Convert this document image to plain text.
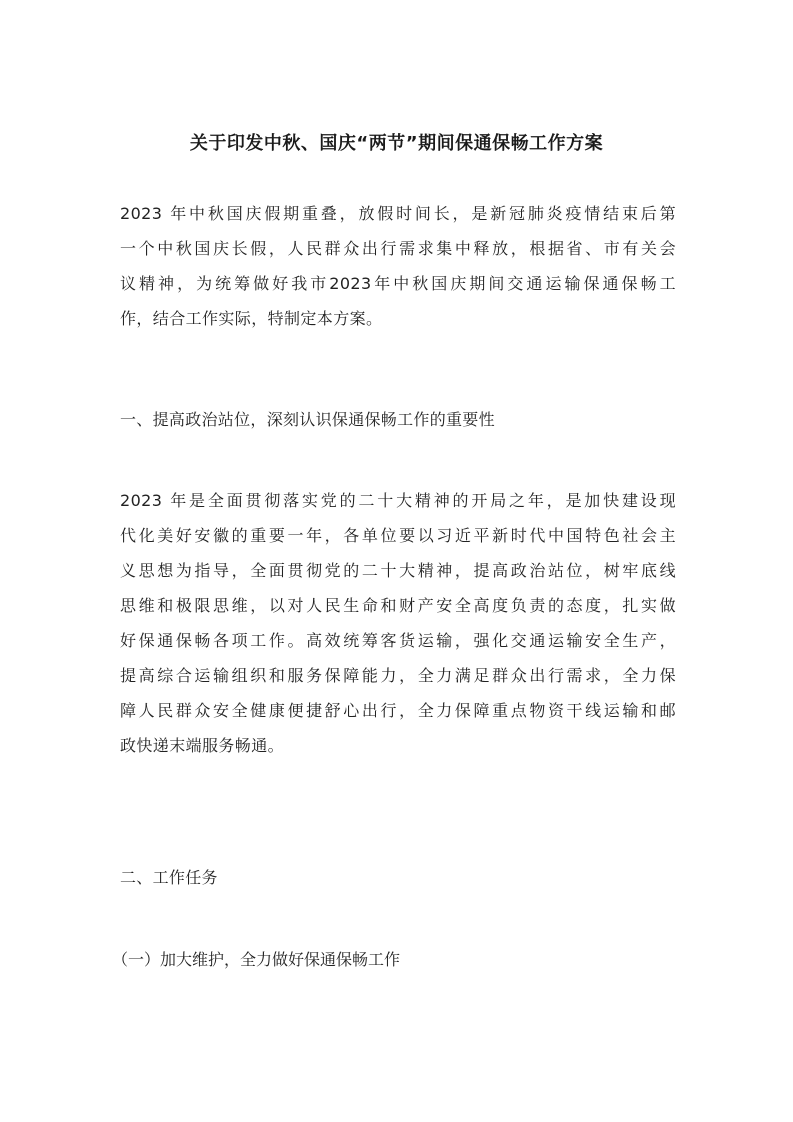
关于印发中秋、国庆“两节”期间保通保畅工作方案
2023 年中秋国庆假期重叠，放假时间长，是新冠肺炎疫情结束后第
一个中秋国庆长假，人民群众出行需求集中释放，根据省、市有关会
议精神，为统筹做好我市2023年中秋国庆期间交通运输保通保畅工
作，结合工作实际，特制定本方案。
一、提高政治站位，深刻认识保通保畅工作的重要性
2023 年是全面贯彻落实党的二十大精神的开局之年，是加快建设现
代化美好安徽的重要一年，各单位要以习近平新时代中国特色社会主
义思想为指导，全面贯彻党的二十大精神，提高政治站位，树牢底线
思维和极限思维，以对人民生命和财产安全高度负责的态度，扎实做
好保通保畅各项工作。高效统筹客货运输，强化交通运输安全生产，
提高综合运输组织和服务保障能力，全力满足群众出行需求，全力保
障人民群众安全健康便捷舒心出行，全力保障重点物资干线运输和邮
政快递末端服务畅通。
二、工作任务
（一）加大维护，全力做好保通保畅工作
